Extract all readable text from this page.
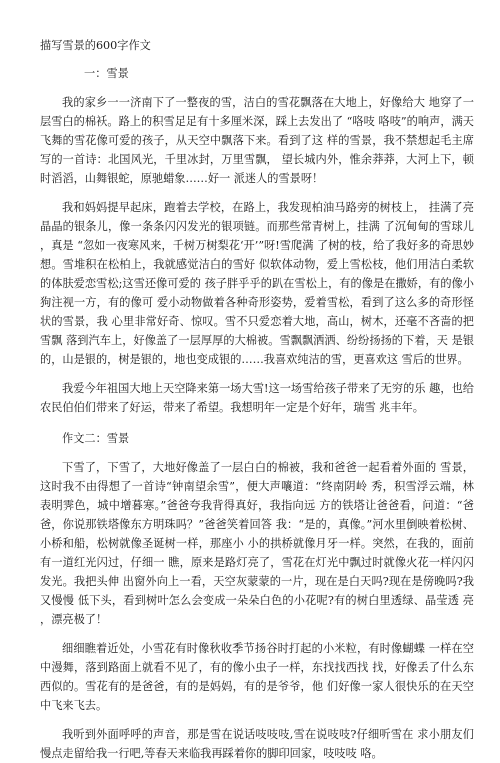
描写雪景的600字作文
一：雪景

我的家乡一一济南下了一整夜的雪，洁白的雪花飘落在大地上，好像给大 地穿了一层雪白的棉袄。路上的积雪足足有十多厘米深，踩上去发出了 “咯吱 咯吱”的响声，满天飞舞的雪花像可爱的孩子，从天空中飘落下来。看到了这 样的雪景，我不禁想起毛主席写的一首诗：北国风光，千里冰封，万里雪飘， 望长城内外，惟余莽莽，大河上下，顿时滔滔，山舞银蛇，原驰蜡象……好一 派迷人的雪景呀！

我和妈妈提早起床，跑着去学校，在路上，我发现柏油马路旁的树枝上， 挂满了亮晶晶的银条儿，像一条条闪闪发光的银项链。而那些常青树上，挂满 了沉甸甸的雪球儿，真是 “忽如一夜寒风来，千树万树梨花‘开’”呀!雪爬满 了树的枝，给了我好多的奇思妙想。雪堆积在松柏上，我就感觉洁白的雪好 似软体动物，爱上雪松枝，他们用洁白柔软的体肤爱恋雪松;这雪还像可爱的 孩子胖乎乎的趴在雪松上，有的像是在撒娇，有的像小狗注视一方，有的像可 爱小动物做着各种奇形姿势，爱着雪松，看到了这么多的奇形怪状的雪景，我 心里非常好奇、惊叹。雪不只爱恋着大地，高山，树木，还毫不吝啬的把雪飘 落到汽车上，好像盖了一层厚厚的大棉被。雪飘飘洒洒、纷纷扬扬的下着，天 是银的，山是银的，树是银的，地也变成银的……我喜欢纯洁的雪，更喜欢这 雪后的世界。

我爱今年祖国大地上天空降来第一场大雪!这一场雪给孩子带来了无穷的乐 趣，也给农民伯伯们带来了好运，带来了希望。我想明年一定是个好年，瑞雪 兆丰年。

作文二：雪景

下雪了，下雪了，大地好像盖了一层白白的棉被，我和爸爸一起看着外面的 雪景，这时我不由得想了一首诗“钟南望余雪”，便大声嚷道：“终南阴岭 秀，积雪浮云端，林表明霁色，城中增暮寒。”爸爸夸我背得真好，我指向远 方的铁塔让爸爸看，问道：“爸爸，你说那铁塔像东方明珠吗？”爸爸笑着回答 我：“是的，真像。”河水里倒映着松树、小桥和船，松树就像圣诞树一样，那座小 小的拱桥就像月牙一样。突然，在我的，面前有一道红光闪过，仔细一 瞧，原来是路灯亮了，雪花在灯光中飘过时就像火花一样闪闪发光。我把头伸 出窗外向上一看，天空灰蒙蒙的一片，现在是白天吗?现在是傍晚吗?我又慢慢 低下头，看到树叶怎么会变成一朵朵白色的小花呢?有的树白里透绿、晶莹透 亮，漂亮极了！

细细瞧着近处，小雪花有时像秋收季节扬谷时打起的小米粒，有时像蝴蝶 一样在空中漫舞，落到路面上就看不见了，有的像小虫子一样，东找找西找 找，好像丢了什么东西似的。雪花有的是爸爸，有的是妈妈，有的是爷爷，他 们好像一家人很快乐的在天空中飞来飞去。

我听到外面呼呼的声音，那是雪在说话吱吱吱,雪在说吱吱?仔细听雪在 求小朋友们慢点走留给我一行吧,等春天来临我再踩着你的脚印回家，吱吱吱 咯。
